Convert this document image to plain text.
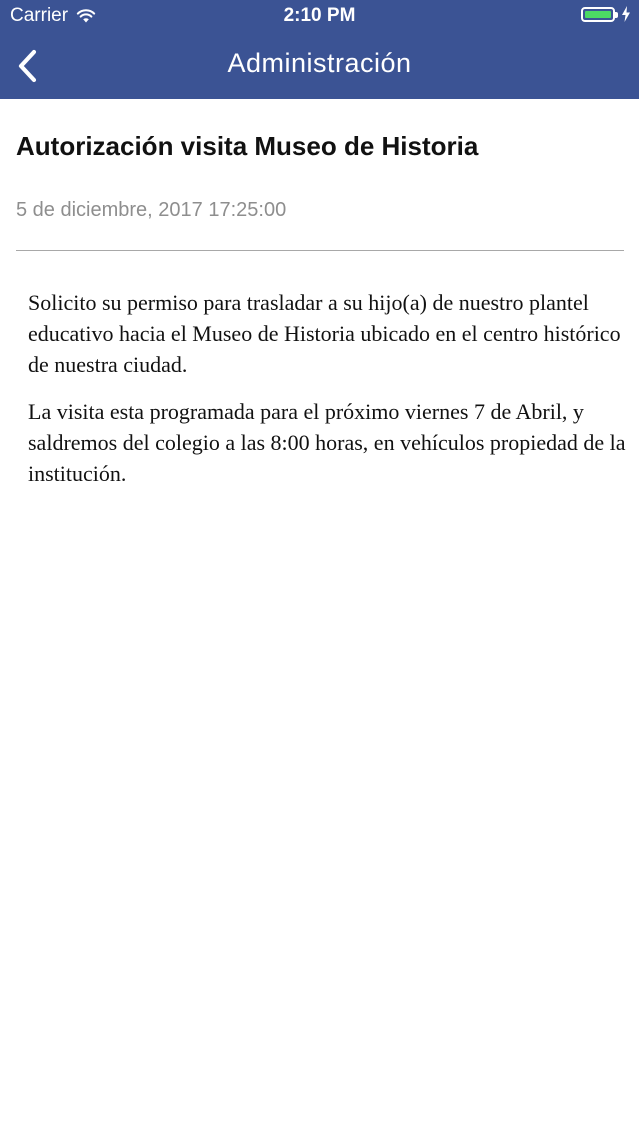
Carrier	2:10 PM
Administración
Autorización visita Museo de Historia
5 de diciembre, 2017 17:25:00

Solicito su permiso para trasladar a su hijo(a) de nuestro plantel educativo hacia el Museo de Historia ubicado en el centro histórico de nuestra ciudad.

La visita esta programada para el próximo viernes 7 de Abril, y saldremos del colegio a las 8:00 horas, en vehículos propiedad de la institución.
